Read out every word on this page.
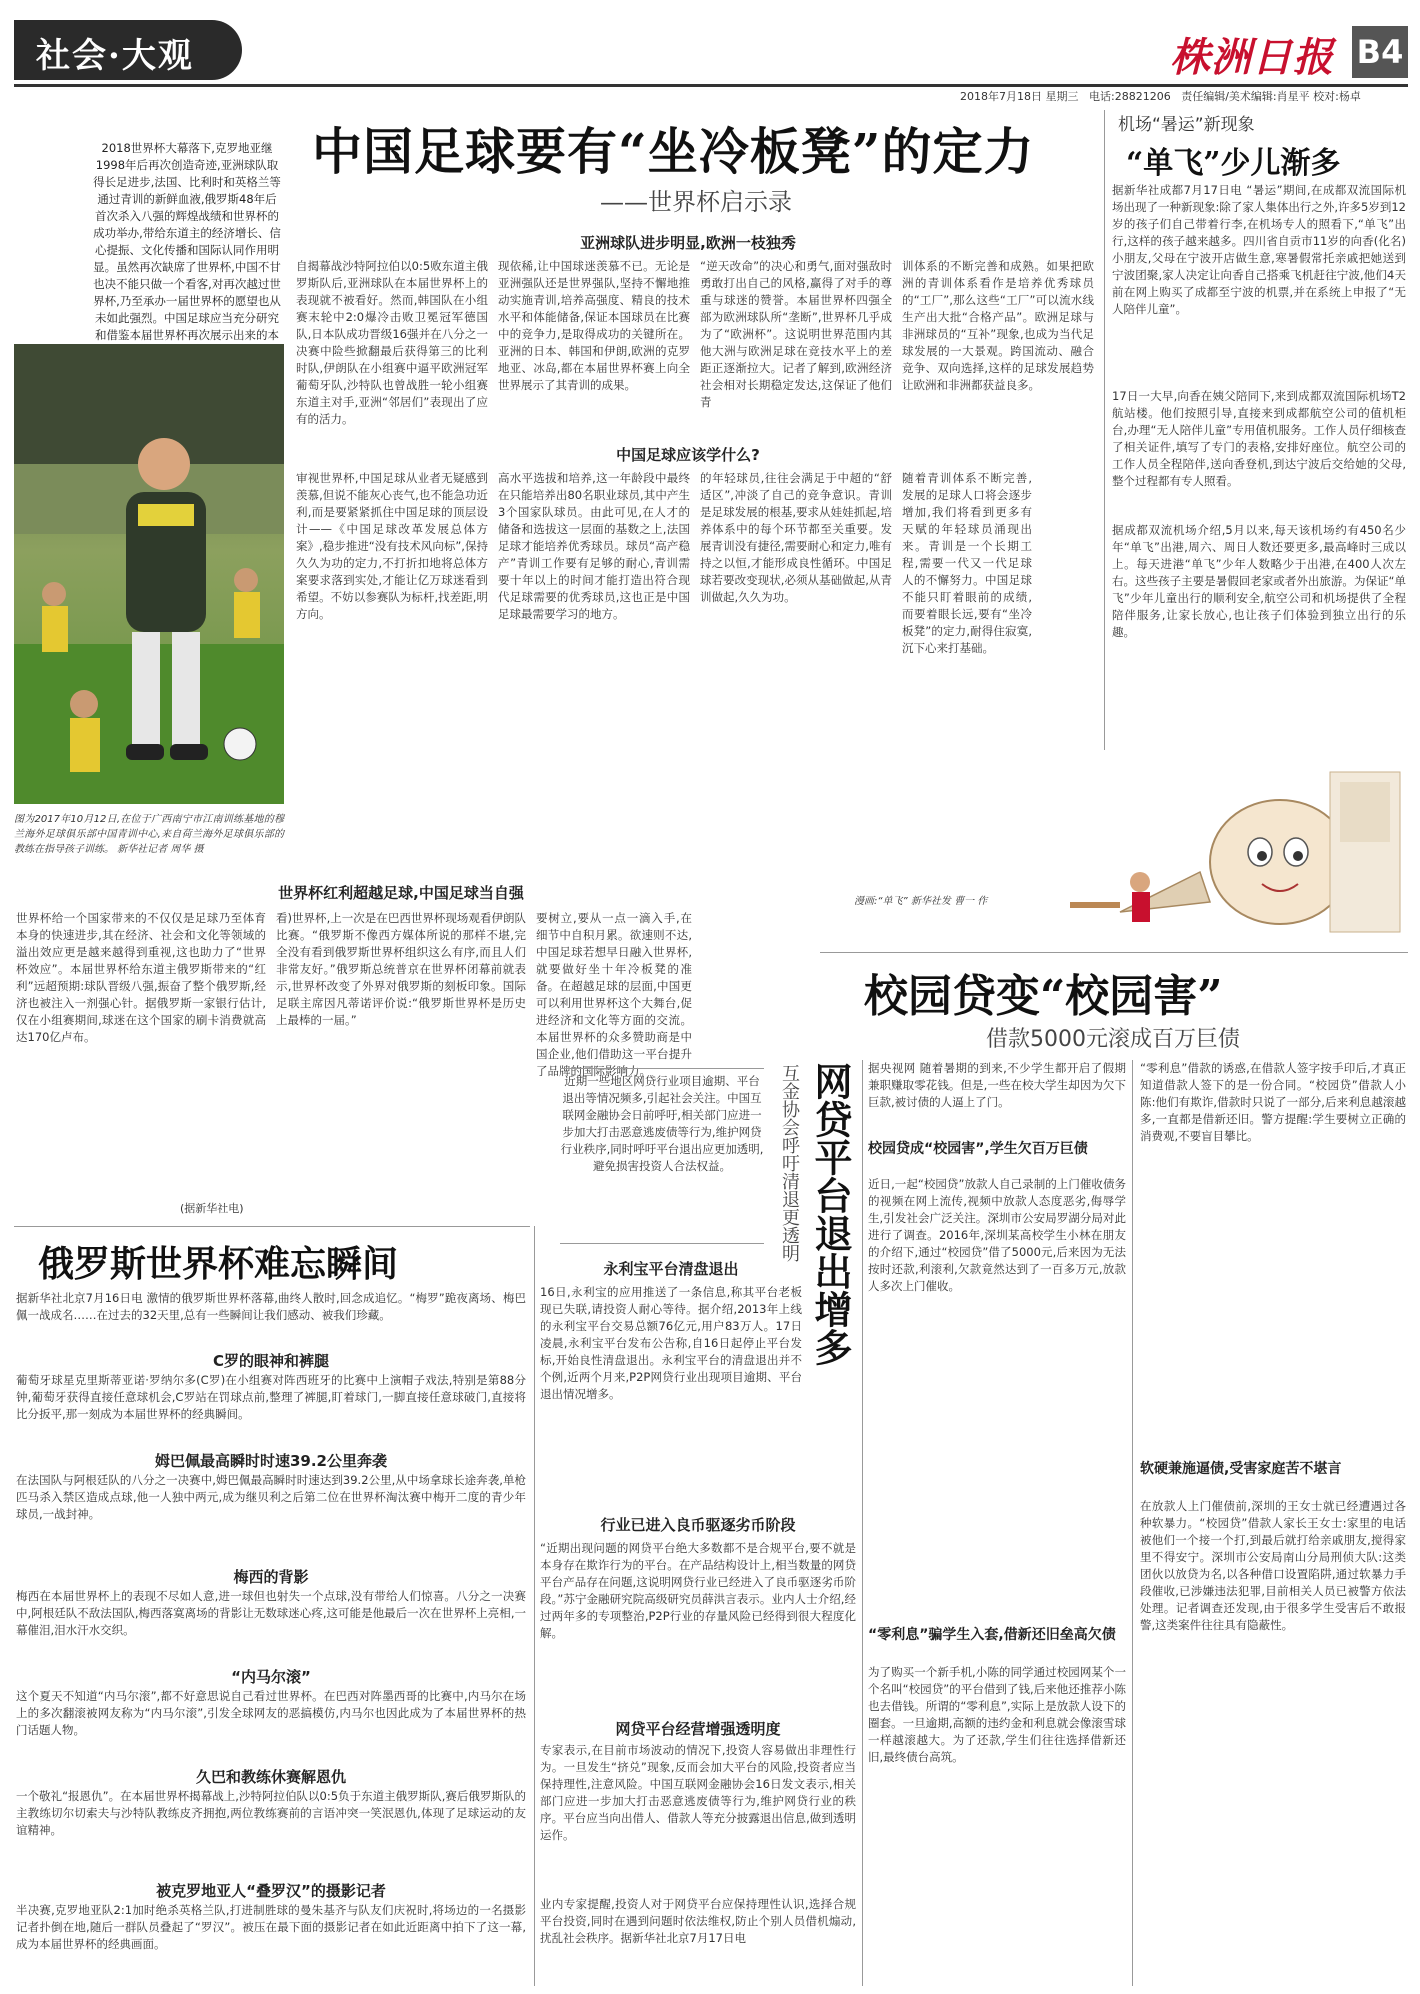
社会·大观	株洲日报 B4
2018年7月18日 星期三 电话:28821206 责任编辑/美术编辑:肖星平 校对:杨卓
中国足球要有“坐冷板凳”的定力
——世界杯启示录
2018世界杯大幕落下,克罗地亚继1998年后再次创造奇迹,亚洲球队取得长足进步,法国、比利时和英格兰等通过青训的新鲜血液,俄罗斯48年后首次杀入八强的辉煌战绩和世界杯的成功举办,带给东道主的经济增长、信心提振、文化传播和国际认同作用明显。虽然再次缺席了世界杯,中国不甘也决不能只做一个看客,对再次越过世界杯,乃至承办一届世界杯的愿望也从未如此强烈。中国足球应当充分研究和借鉴本届世界杯再次展示出来的本
亚洲球队进步明显,欧洲一枝独秀
自揭幕战沙特阿拉伯以0:5败东道主俄罗斯队后,亚洲球队在本届世界杯上的表现就不被看好。然而,韩国队在小组赛末轮中2:0爆冷击败卫冕冠军德国队,日本队成功晋级16强并在八分之一决赛中险些掀翻最后获得第三的比利时队,伊朗队在小组赛中逼平欧洲冠军葡萄牙队,沙特队也曾战胜一轮小组赛东道主对手,亚洲“邻居们”表现出了应有的活力。
现依稀,让中国球迷羡慕不已。无论是亚洲强队还是世界强队,坚持不懈地推动实施青训,培养高强度、精良的技术水平和体能储备,保证本国球员在比赛中的竞争力,是取得成功的关键所在。亚洲的日本、韩国和伊朗,欧洲的克罗地亚、冰岛,都在本届世界杯赛上向全世界展示了其青训的成果。
“逆天改命”的决心和勇气,面对强敌时勇敢打出自己的风格,赢得了对手的尊重与球迷的赞誉。本届世界杯四强全部为欧洲球队所“垄断”,世界杯几乎成为了“欧洲杯”。这说明世界范围内其他大洲与欧洲足球在竞技水平上的差距正逐渐拉大。记者了解到,欧洲经济社会相对长期稳定发达,这保证了他们青
训体系的不断完善和成熟。如果把欧洲的青训体系看作是培养优秀球员的“工厂”,那么这些“工厂”可以流水线生产出大批“合格产品”。欧洲足球与非洲球员的“互补”现象,也成为当代足球发展的一大景观。跨国流动、融合竞争、双向选择,这样的足球发展趋势让欧洲和非洲都获益良多。
图为2017年10月12日,在位于广西南宁市江南训练基地的穆兰海外足球俱乐部中国青训中心,来自荷兰海外足球俱乐部的教练在指导孩子训练。 新华社记者 周华 摄
中国足球应该学什么?
审视世界杯,中国足球从业者无疑感到羡慕,但说不能灰心丧气,也不能急功近利,而是要紧紧抓住中国足球的顶层设计——《中国足球改革发展总体方案》,稳步推进“没有技术风向标”,保持久久为功的定力,不打折扣地将总体方案要求落到实处,才能让亿万球迷看到希望。不妨以参赛队为标杆,找差距,明方向。
高水平选拔和培养,这一年龄段中最终在只能培养出80名职业球员,其中产生3个国家队球员。由此可见,在人才的储备和选拔这一层面的基数之上,法国足球才能培养优秀球员。球员“高产稳产”青训工作要有足够的耐心,青训需要十年以上的时间才能打造出符合现代足球需要的优秀球员,这也正是中国足球最需要学习的地方。
的年轻球员,往往会满足于中超的“舒适区”,冲淡了自己的竞争意识。青训是足球发展的根基,要求从娃娃抓起,培养体系中的每个环节都至关重要。发展青训没有捷径,需要耐心和定力,唯有持之以恒,才能形成良性循环。中国足球若要改变现状,必须从基础做起,从青训做起,久久为功。
随着青训体系不断完善,发展的足球人口将会逐步增加,我们将看到更多有天赋的年轻球员涌现出来。青训是一个长期工程,需要一代又一代足球人的不懈努力。中国足球不能只盯着眼前的成绩,而要着眼长远,要有“坐冷板凳”的定力,耐得住寂寞,沉下心来打基础。
世界杯红利超越足球,中国足球当自强
世界杯给一个国家带来的不仅仅是足球乃至体育本身的快速进步,其在经济、社会和文化等领域的溢出效应更是越来越得到重视,这也助力了“世界杯效应”。本届世界杯给东道主俄罗斯带来的“红利”远超预期:球队晋级八强,振奋了整个俄罗斯,经济也被注入一剂强心针。据俄罗斯一家银行估计,仅在小组赛期间,球迷在这个国家的刷卡消费就高达170亿卢布。
看)世界杯,上一次是在巴西世界杯现场观看伊朗队比赛。“俄罗斯不像西方媒体所说的那样不堪,完全没有看到俄罗斯世界杯组织这么有序,而且人们非常友好。”俄罗斯总统普京在世界杯闭幕前就表示,世界杯改变了外界对俄罗斯的刻板印象。国际足联主席因凡蒂诺评价说:“俄罗斯世界杯是历史上最棒的一届。”
要树立,要从一点一滴入手,在细节中自积月累。欲速则不达,中国足球若想早日融入世界杯,就要做好坐十年冷板凳的准备。在超越足球的层面,中国更可以利用世界杯这个大舞台,促进经济和文化等方面的交流。本届世界杯的众多赞助商是中国企业,他们借助这一平台提升了品牌的国际影响力。
(据新华社电)
俄罗斯世界杯难忘瞬间
据新华社北京7月16日电 激情的俄罗斯世界杯落幕,曲终人散时,回念成追忆。“梅罗”跪夜离场、梅巴佩一战成名……在过去的32天里,总有一些瞬间让我们感动、被我们珍藏。
C罗的眼神和裤腿
葡萄牙球星克里斯蒂亚诺·罗纳尔多(C罗)在小组赛对阵西班牙的比赛中上演帽子戏法,特别是第88分钟,葡萄牙获得直接任意球机会,C罗站在罚球点前,整理了裤腿,盯着球门,一脚直接任意球破门,直接将比分扳平,那一刻成为本届世界杯的经典瞬间。
姆巴佩最高瞬时时速39.2公里奔袭
在法国队与阿根廷队的八分之一决赛中,姆巴佩最高瞬时时速达到39.2公里,从中场拿球长途奔袭,单枪匹马杀入禁区造成点球,他一人独中两元,成为继贝利之后第二位在世界杯淘汰赛中梅开二度的青少年球员,一战封神。
梅西的背影
梅西在本届世界杯上的表现不尽如人意,进一球但也射失一个点球,没有带给人们惊喜。八分之一决赛中,阿根廷队不敌法国队,梅西落寞离场的背影让无数球迷心疼,这可能是他最后一次在世界杯上亮相,一幕催泪,泪水汗水交织。
“内马尔滚”
这个夏天不知道“内马尔滚”,都不好意思说自己看过世界杯。在巴西对阵墨西哥的比赛中,内马尔在场上的多次翻滚被网友称为“内马尔滚”,引发全球网友的恶搞模仿,内马尔也因此成为了本届世界杯的热门话题人物。
久巴和教练休赛解恩仇
一个敬礼“报恩仇”。在本届世界杯揭幕战上,沙特阿拉伯队以0:5负于东道主俄罗斯队,赛后俄罗斯队的主教练切尔切索夫与沙特队教练皮齐拥抱,两位教练赛前的言语冲突一笑泯恩仇,体现了足球运动的友谊精神。
被克罗地亚人“叠罗汉”的摄影记者
半决赛,克罗地亚队2:1加时绝杀英格兰队,打进制胜球的曼朱基齐与队友们庆祝时,将场边的一名摄影记者扑倒在地,随后一群队员叠起了“罗汉”。被压在最下面的摄影记者在如此近距离中拍下了这一幕,成为本届世界杯的经典画面。
机场“暑运”新现象
“单飞”少儿渐多
据新华社成都7月17日电 “暑运”期间,在成都双流国际机场出现了一种新现象:除了家人集体出行之外,许多5岁到12岁的孩子们自己带着行李,在机场专人的照看下,“单飞”出行,这样的孩子越来越多。四川省自贡市11岁的向香(化名)小朋友,父母在宁波开店做生意,寒暑假常托亲戚把她送到宁波团聚,家人决定让向香自己搭乘飞机赶往宁波,他们4天前在网上购买了成都至宁波的机票,并在系统上申报了“无人陪伴儿童”。
17日一大早,向香在姨父陪同下,来到成都双流国际机场T2航站楼。他们按照引导,直接来到成都航空公司的值机柜台,办理“无人陪伴儿童”专用值机服务。工作人员仔细核查了相关证件,填写了专门的表格,安排好座位。航空公司的工作人员全程陪伴,送向香登机,到达宁波后交给她的父母,整个过程都有专人照看。
据成都双流机场介绍,5月以来,每天该机场约有450名少年“单飞”出港,周六、周日人数还要更多,最高峰时三成以上。每天进港“单飞”少年人数略少于出港,在400人次左右。这些孩子主要是暑假回老家或者外出旅游。为保证“单飞”少年儿童出行的顺利安全,航空公司和机场提供了全程陪伴服务,让家长放心,也让孩子们体验到独立出行的乐趣。
漫画:“单飞” 新华社发 曹一 作
校园贷变“校园害”
借款5000元滚成百万巨债
据央视网 随着暑期的到来,不少学生都开启了假期兼职赚取零花钱。但是,一些在校大学生却因为欠下巨款,被讨债的人逼上了门。
校园贷成“校园害”,学生欠百万巨债
近日,一起“校园贷”放款人自己录制的上门催收债务的视频在网上流传,视频中放款人态度恶劣,侮辱学生,引发社会广泛关注。深圳市公安局罗湖分局对此进行了调查。2016年,深圳某高校学生小林在朋友的介绍下,通过“校园贷”借了5000元,后来因为无法按时还款,利滚利,欠款竟然达到了一百多万元,放款人多次上门催收。
“零利息”骗学生入套,借新还旧垒高欠债
为了购买一个新手机,小陈的同学通过校园网某个一个名叫“校园贷”的平台借到了钱,后来他还推荐小陈也去借钱。所谓的“零利息”,实际上是放款人设下的圈套。一旦逾期,高额的违约金和利息就会像滚雪球一样越滚越大。为了还款,学生们往往选择借新还旧,最终债台高筑。
“零利息”借款的诱惑,在借款人签字按手印后,才真正知道借款人签下的是一份合同。“校园贷”借款人小陈:他们有欺诈,借款时只说了一部分,后来利息越滚越多,一直都是借新还旧。警方提醒:学生要树立正确的消费观,不要盲目攀比。
软硬兼施逼债,受害家庭苦不堪言
在放款人上门催债前,深圳的王女士就已经遭遇过各种软暴力。“校园贷”借款人家长王女士:家里的电话被他们一个接一个打,到最后就打给亲戚朋友,搅得家里不得安宁。深圳市公安局南山分局刑侦大队:这类团伙以放贷为名,以各种借口设置陷阱,通过软暴力手段催收,已涉嫌违法犯罪,目前相关人员已被警方依法处理。记者调查还发现,由于很多学生受害后不敢报警,这类案件往往具有隐蔽性。
网贷平台退出增多
互金协会呼吁清退更透明
近期一些地区网贷行业项目逾期、平台退出等情况频多,引起社会关注。中国互联网金融协会日前呼吁,相关部门应进一步加大打击恶意逃废债等行为,维护网贷行业秩序,同时呼吁平台退出应更加透明,避免损害投资人合法权益。
永利宝平台清盘退出
16日,永利宝的应用推送了一条信息,称其平台老板现已失联,请投资人耐心等待。据介绍,2013年上线的永利宝平台交易总额76亿元,用户83万人。17日凌晨,永利宝平台发布公告称,自16日起停止平台发标,开始良性清盘退出。永利宝平台的清盘退出并不个例,近两个月来,P2P网贷行业出现项目逾期、平台退出情况增多。
行业已进入良币驱逐劣币阶段
“近期出现问题的网贷平台绝大多数都不是合规平台,要不就是本身存在欺诈行为的平台。在产品结构设计上,相当数量的网贷平台产品存在问题,这说明网贷行业已经进入了良币驱逐劣币阶段。”苏宁金融研究院高级研究员薛洪言表示。业内人士介绍,经过两年多的专项整治,P2P行业的存量风险已经得到很大程度化解。
网贷平台经营增强透明度
专家表示,在目前市场波动的情况下,投资人容易做出非理性行为。一旦发生“挤兑”现象,反而会加大平台的风险,投资者应当保持理性,注意风险。中国互联网金融协会16日发文表示,相关部门应进一步加大打击恶意逃废债等行为,维护网贷行业的秩序。平台应当向出借人、借款人等充分披露退出信息,做到透明运作。
业内专家提醒,投资人对于网贷平台应保持理性认识,选择合规平台投资,同时在遇到问题时依法维权,防止个别人员借机煽动,扰乱社会秩序。据新华社北京7月17日电
